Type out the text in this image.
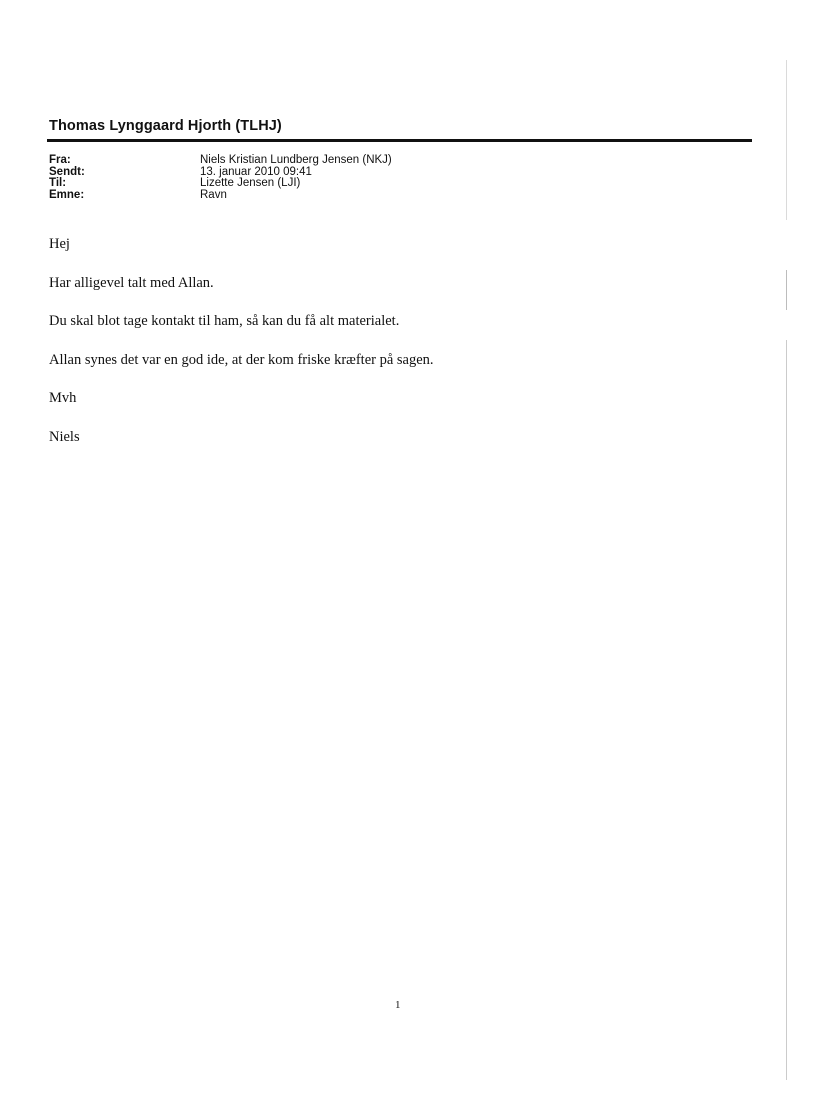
Thomas Lynggaard Hjorth (TLHJ)
Fra:	Niels Kristian Lundberg Jensen (NKJ)
Sendt:	13. januar 2010 09:41
Til:	Lizette Jensen (LJI)
Emne:	Ravn

Hej

Har alligevel talt med Allan.

Du skal blot tage kontakt til ham, så kan du få alt materialet.

Allan synes det var en god ide, at der kom friske kræfter på sagen.

Mvh

Niels

1
